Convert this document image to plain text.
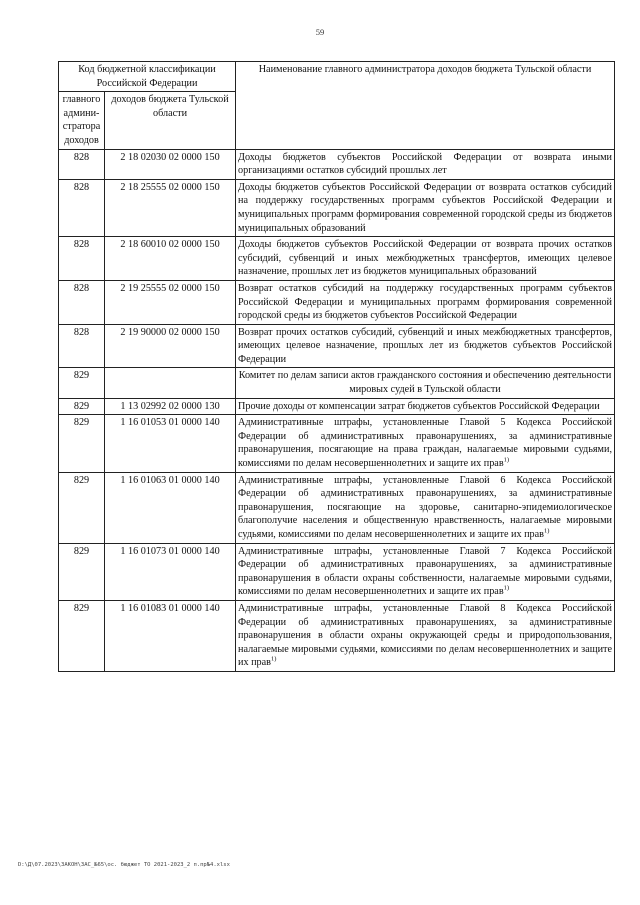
59
Код бюджетной классификации Российской Федерации		Наименование главного администратора доходов бюджета Тульской области
главного админи-стратора доходов	доходов бюджета Тульской области	
828	2 18 02030 02 0000 150	Доходы бюджетов субъектов Российской Федерации от возврата иными организациями остатков субсидий прошлых лет
828	2 18 25555 02 0000 150	Доходы бюджетов субъектов Российской Федерации от возврата остатков субсидий на поддержку государственных программ субъектов Российской Федерации и муниципальных программ формирования современной городской среды из бюджетов муниципальных образований
828	2 18 60010 02 0000 150	Доходы бюджетов субъектов Российской Федерации от возврата прочих остатков субсидий, субвенций и иных межбюджетных трансфертов, имеющих целевое назначение, прошлых лет из бюджетов муниципальных образований
828	2 19 25555 02 0000 150	Возврат остатков субсидий на поддержку государственных программ субъектов Российской Федерации и муниципальных программ формирования современной городской среды из бюджетов субъектов Российской Федерации
828	2 19 90000 02 0000 150	Возврат прочих остатков субсидий, субвенций и иных межбюджетных трансфертов, имеющих целевое назначение, прошлых лет из бюджетов субъектов Российской Федерации
829		Комитет по делам записи актов гражданского состояния и обеспечению деятельности мировых судей в Тульской области
829	1 13 02992 02 0000 130	Прочие доходы от компенсации затрат бюджетов субъектов Российской Федерации
829	1 16 01053 01 0000 140	Административные штрафы, установленные Главой 5 Кодекса Российской Федерации об административных правонарушениях, за административные правонарушения, посягающие на права граждан, налагаемые мировыми судьями, комиссиями по делам несовершеннолетних и защите их прав$^{1)}$
829	1 16 01063 01 0000 140	Административные штрафы, установленные Главой 6 Кодекса Российской Федерации об административных правонарушениях, за административные правонарушения, посягающие на здоровье, санитарно-эпидемиологическое благополучие населения и общественную нравственность, налагаемые мировыми судьями, комиссиями по делам несовершеннолетних и защите их прав$^{1)}$
829	1 16 01073 01 0000 140	Административные штрафы, установленные Главой 7 Кодекса Российской Федерации об административных правонарушениях, за административные правонарушения в области охраны собственности, налагаемые мировыми судьями, комиссиями по делам несовершеннолетних и защите их прав$^{1)}$
829	1 16 01083 01 0000 140	Административные штрафы, установленные Главой 8 Кодекса Российской Федерации об административных правонарушениях, за административные правонарушения в области охраны окружающей среды и природопользования, налагаемые мировыми судьями, комиссиями по делам несовершеннолетних и защите их прав$^{1)}$
D:\Д\07.2023\ЗАКОН\ЗАС_№65\ос. бюджет ТО 2021-2023_2 п.пр№4.xlsx
